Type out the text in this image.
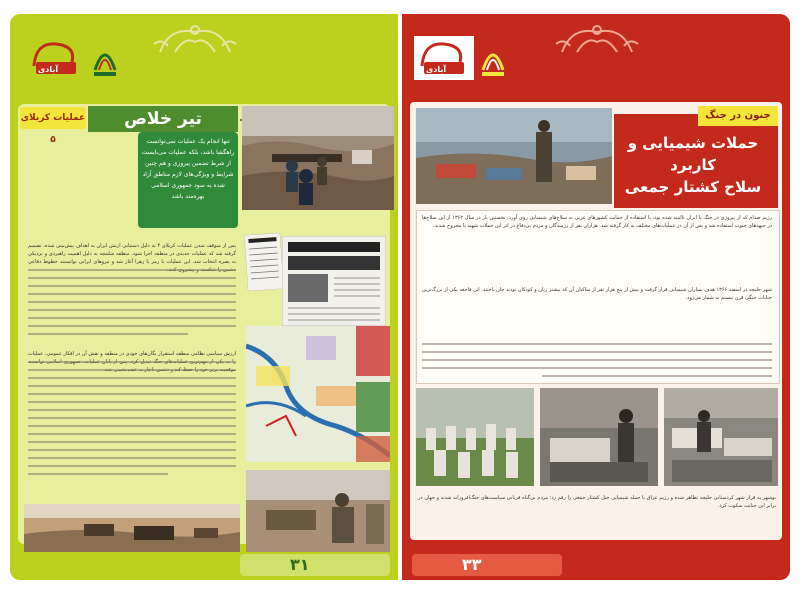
آبادی
عملیات کربلای ۵
تیر خلاص
تنها انجام یک عملیات نمی‌توانست راهگشا باشد، بلکه عملیات می‌بایست از شرط تضمین پیروزی و هم چنین شرایط و ویژگی‌های لازم مناطق آزاد شده به سود جمهوری اسلامی بهره‌مند باشد
پس از متوقف شدن عملیات کربلای ۴ به دلیل دستیابی ارتش ایران به اهداف پیش‌بینی شده، تصمیم گرفته شد که عملیات جدیدی در منطقه اجرا شود. منطقه شلمچه به دلیل اهمیت راهبردی و نزدیکی به بصره انتخاب شد. این عملیات با رمز یا زهرا آغاز شد و نیروهای ایرانی توانستند خطوط دفاعی دشمن را شکسته و پیشروی کنند.
ارزش سیاسی نظامی منطقه استقرار یگان‌های خودی در منطقه و نقش آن در افکار عمومی، عملیات را به یکی از مهم‌ترین عملیات‌های جنگ تبدیل کرد. پس از پایان عملیات، جمهوری اسلامی توانست موقعیت برتر خود را حفظ کند و دشمن ناچار به عقب‌نشینی شد.
۳۱
آبادی
جنون در جنگ
حملات شیمیایی و کاربرد
سلاح کشتار جمعی
رژیم صدام که از پیروزی در جنگ با ایران ناامید شده بود، با استفاده از حمایت کشورهای غربی به سلاح‌های شیمیایی روی آورد. نخستین بار در سال ۱۳۶۲ از این سلاح‌ها در جبهه‌های جنوب استفاده شد و پس از آن در عملیات‌های مختلف به کار گرفته شد. هزاران نفر از رزمندگان و مردم بی‌دفاع در اثر این حملات شهید یا مجروح شدند.
شهر حلبچه در اسفند ۱۳۶۶ هدف بمباران شیمیایی قرار گرفت و بیش از پنج هزار نفر از ساکنان آن که بیشتر زنان و کودکان بودند جان باختند. این فاجعه یکی از بزرگ‌ترین جنایات جنگی قرن بیستم به شمار می‌رود.
بوشهر به قرار شهر کردستانی حلبچه تظاهر شده و رژیم عراق با حمله شیمیایی خیل کشتار جمعی را رقم زد؛ مردم بی‌گناه قربانی سیاست‌های جنگ‌افروزانه شدند و جهان در برابر این جنایت سکوت کرد.
۳۳
